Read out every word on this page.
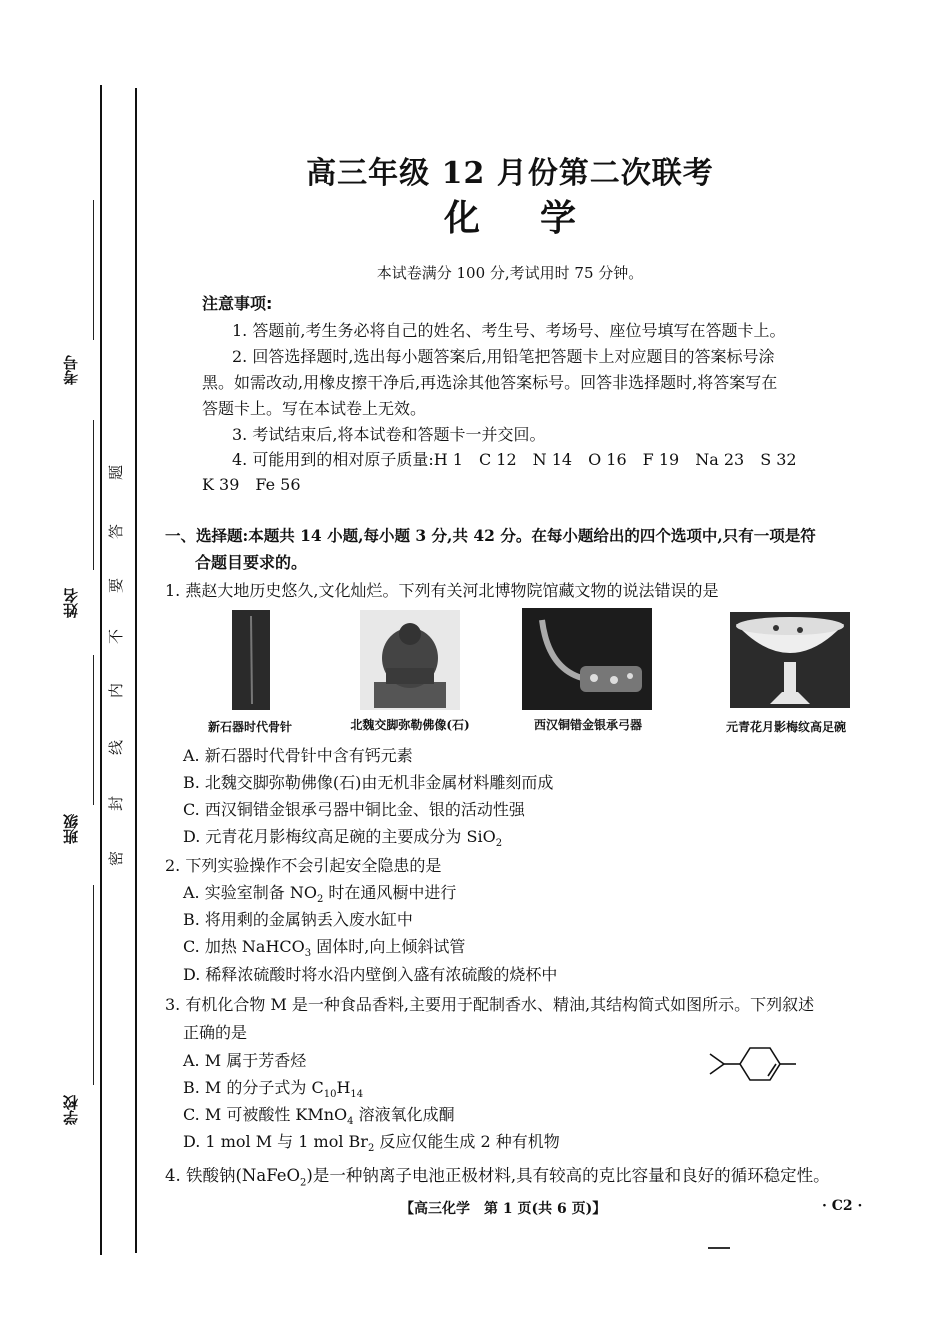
考号
姓名
班级
学校
题
答
要
不
内
线
封
密
高三年级 12 月份第二次联考
化学
本试卷满分 100 分,考试用时 75 分钟。
注意事项:
1. 答题前,考生务必将自己的姓名、考生号、考场号、座位号填写在答题卡上。
2. 回答选择题时,选出每小题答案后,用铅笔把答题卡上对应题目的答案标号涂
黑。如需改动,用橡皮擦干净后,再选涂其他答案标号。回答非选择题时,将答案写在
答题卡上。写在本试卷上无效。
3. 考试结束后,将本试卷和答题卡一并交回。
4. 可能用到的相对原子质量:H 1　C 12　N 14　O 16　F 19　Na 23　S 32
K 39　Fe 56
一、选择题:本题共 14 小题,每小题 3 分,共 42 分。在每小题给出的四个选项中,只有一项是符
合题目要求的。
1. 燕赵大地历史悠久,文化灿烂。下列有关河北博物院馆藏文物的说法错误的是
新石器时代骨针	北魏交脚弥勒佛像(石)	西汉铜错金银承弓器	元青花月影梅纹高足碗
A. 新石器时代骨针中含有钙元素
B. 北魏交脚弥勒佛像(石)由无机非金属材料雕刻而成
C. 西汉铜错金银承弓器中铜比金、银的活动性强
D. 元青花月影梅纹高足碗的主要成分为 SiO$_2$
2. 下列实验操作不会引起安全隐患的是
A. 实验室制备 $NO_2$ 时在通风橱中进行
B. 将用剩的金属钠丢入废水缸中
C. 加热 NaHCO$_3$ 固体时,向上倾斜试管
D. 稀释浓硫酸时将水沿内壁倒入盛有浓硫酸的烧杯中
3. 有机化合物 M 是一种食品香料,主要用于配制香水、精油,其结构简式如图所示。下列叙述
正确的是
A. M 属于芳香烃
B. M 的分子式为 $C_{10}H_{14}$
C. M 可被酸性 KMnO$_4$ 溶液氧化成酮
D. 1 mol M 与 1 mol $Br_2$ 反应仅能生成 2 种有机物
4. 铁酸钠(NaFeO$_2$)是一种钠离子电池正极材料,具有较高的克比容量和良好的循环稳定性。
【高三化学　第 1 页(共 6 页)】	· C2 ·
